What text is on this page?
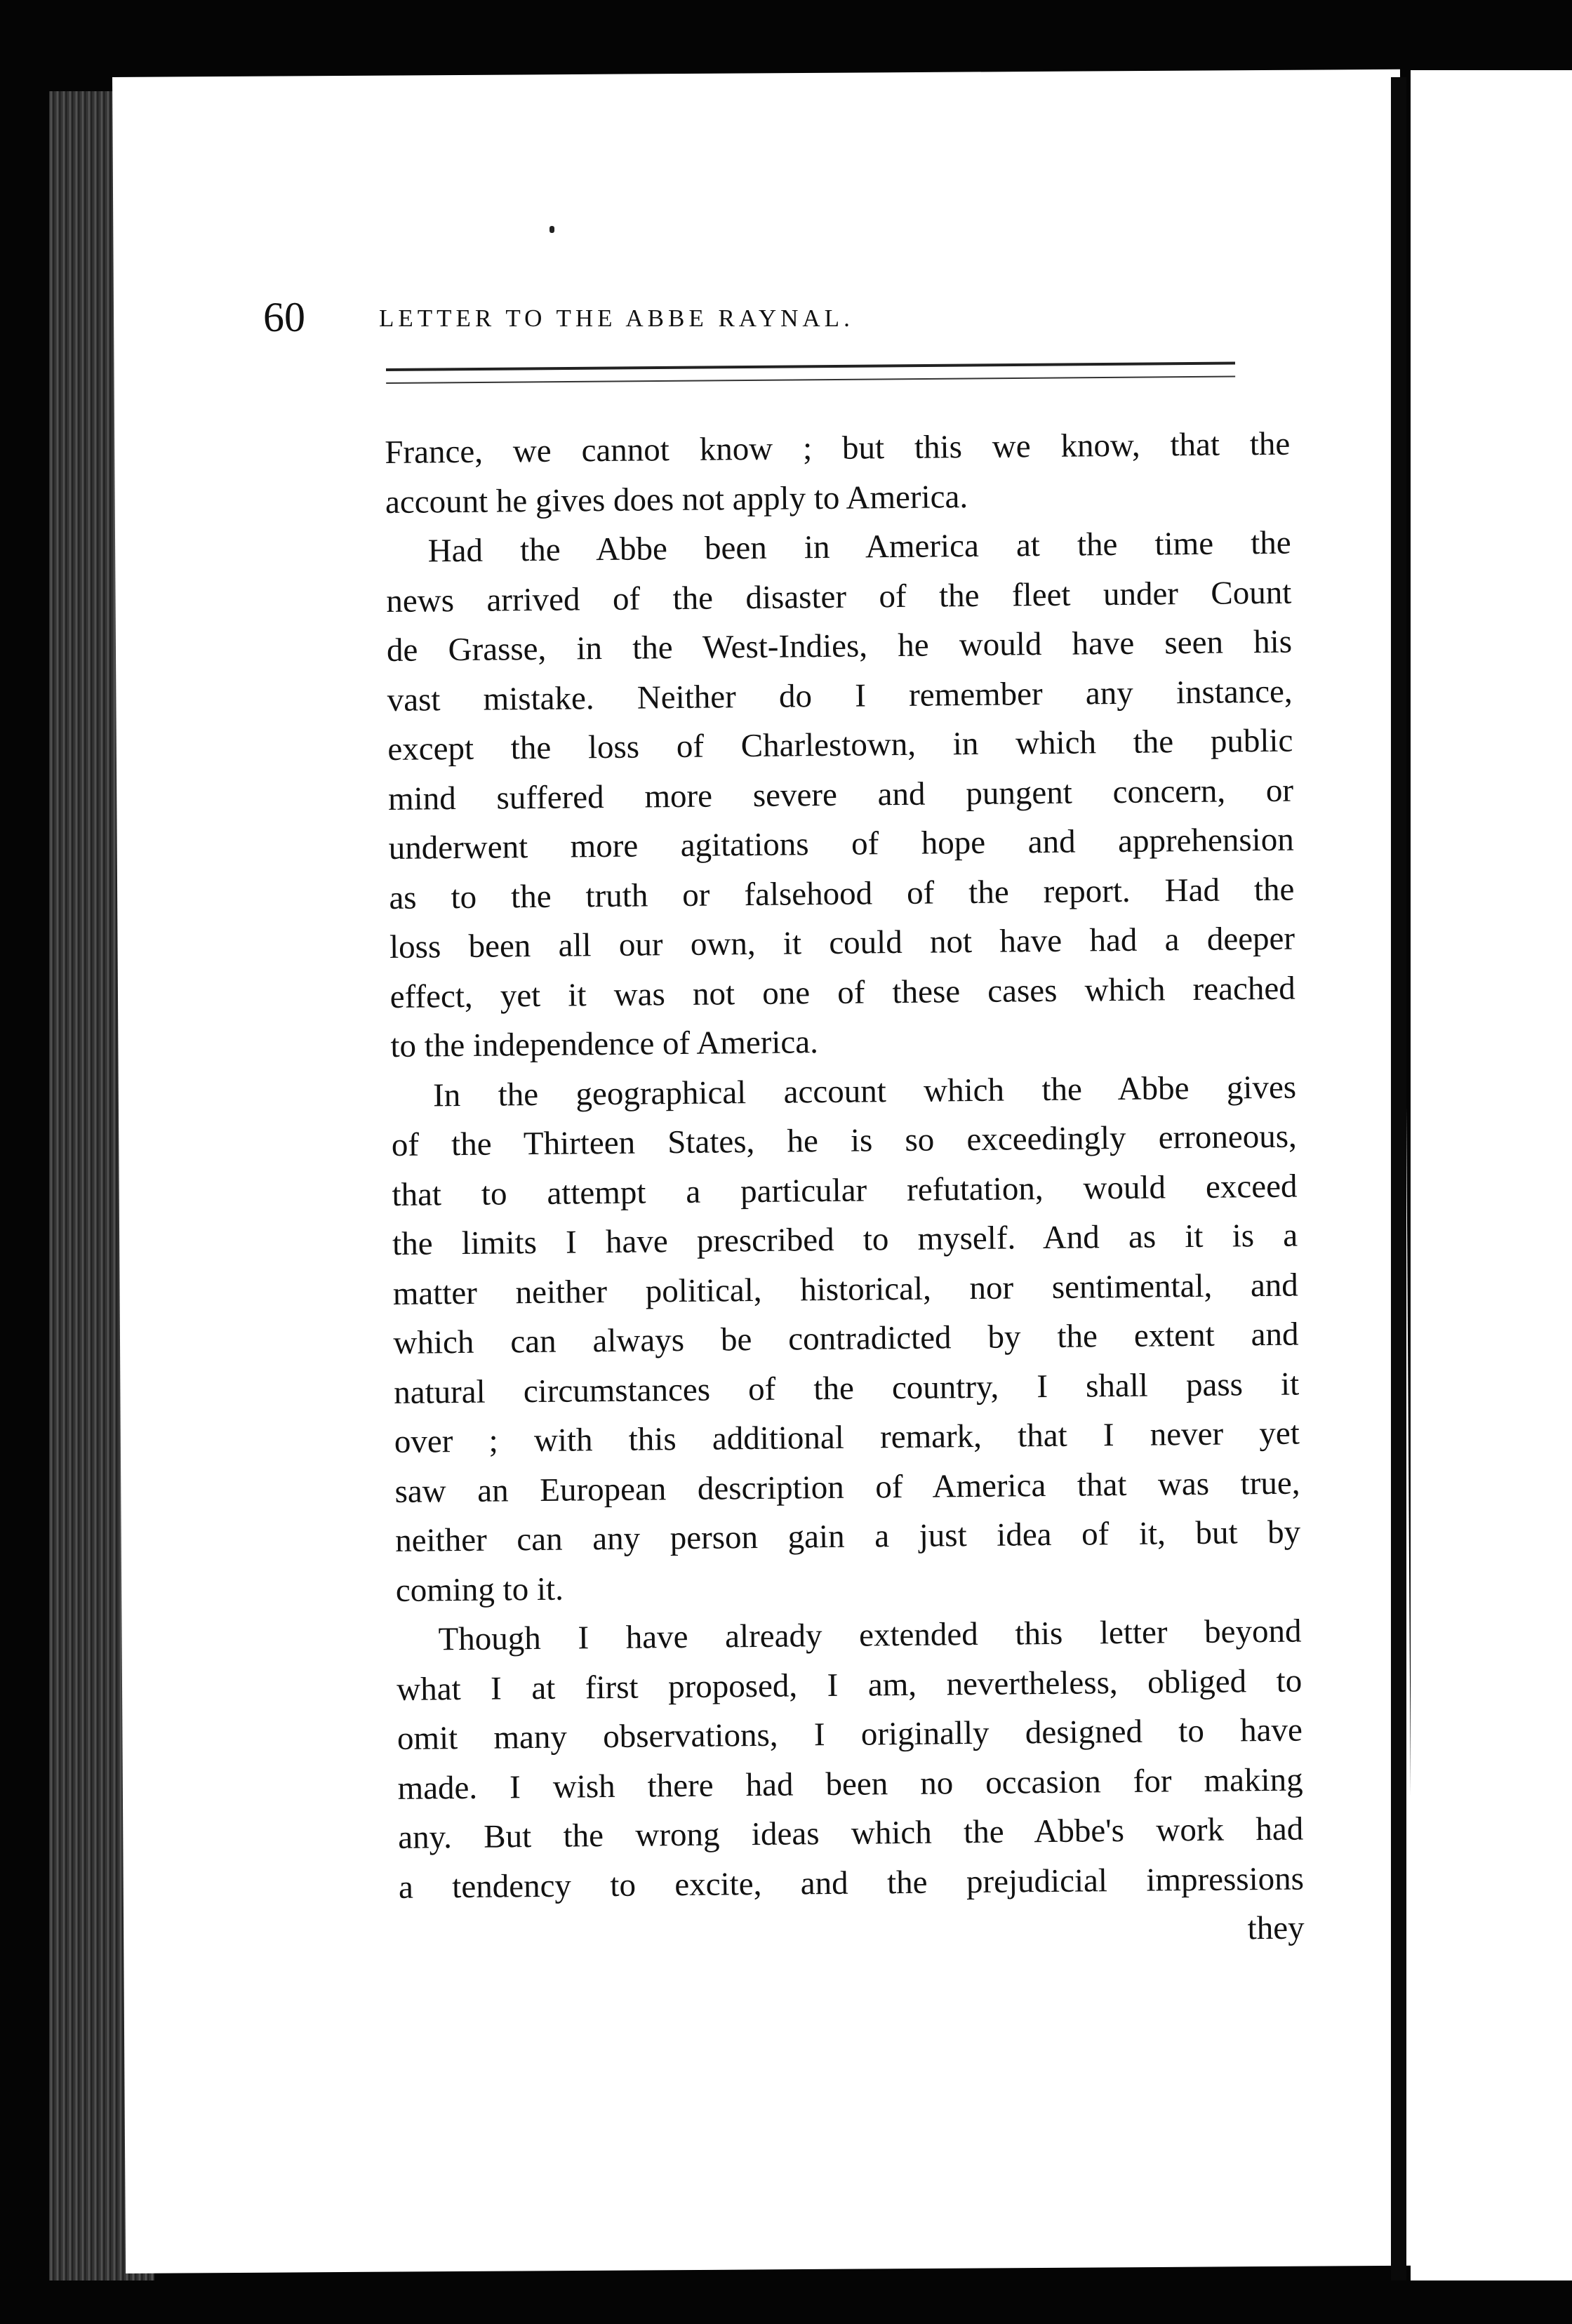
60	LETTER TO THE ABBE RAYNAL.
France, we cannot know ; but this we know, that the
account he gives does not apply to America.
Had the Abbe been in America at the time the
news arrived of the disaster of the fleet under Count
de Grasse, in the West-Indies, he would have seen his
vast mistake. Neither do I remember any instance,
except the loss of Charlestown, in which the public
mind suffered more severe and pungent concern, or
underwent more agitations of hope and apprehension
as to the truth or falsehood of the report. Had the
loss been all our own, it could not have had a deeper
effect, yet it was not one of these cases which reached
to the independence of America.
In the geographical account which the Abbe gives
of the Thirteen States, he is so exceedingly erroneous,
that to attempt a particular refutation, would exceed
the limits I have prescribed to myself. And as it is a
matter neither political, historical, nor sentimental, and
which can always be contradicted by the extent and
natural circumstances of the country, I shall pass it
over ; with this additional remark, that I never yet
saw an European description of America that was true,
neither can any person gain a just idea of it, but by
coming to it.
Though I have already extended this letter beyond
what I at first proposed, I am, nevertheless, obliged to
omit many observations, I originally designed to have
made. I wish there had been no occasion for making
any. But the wrong ideas which the Abbe's work had
a tendency to excite, and the prejudicial impressions
they
